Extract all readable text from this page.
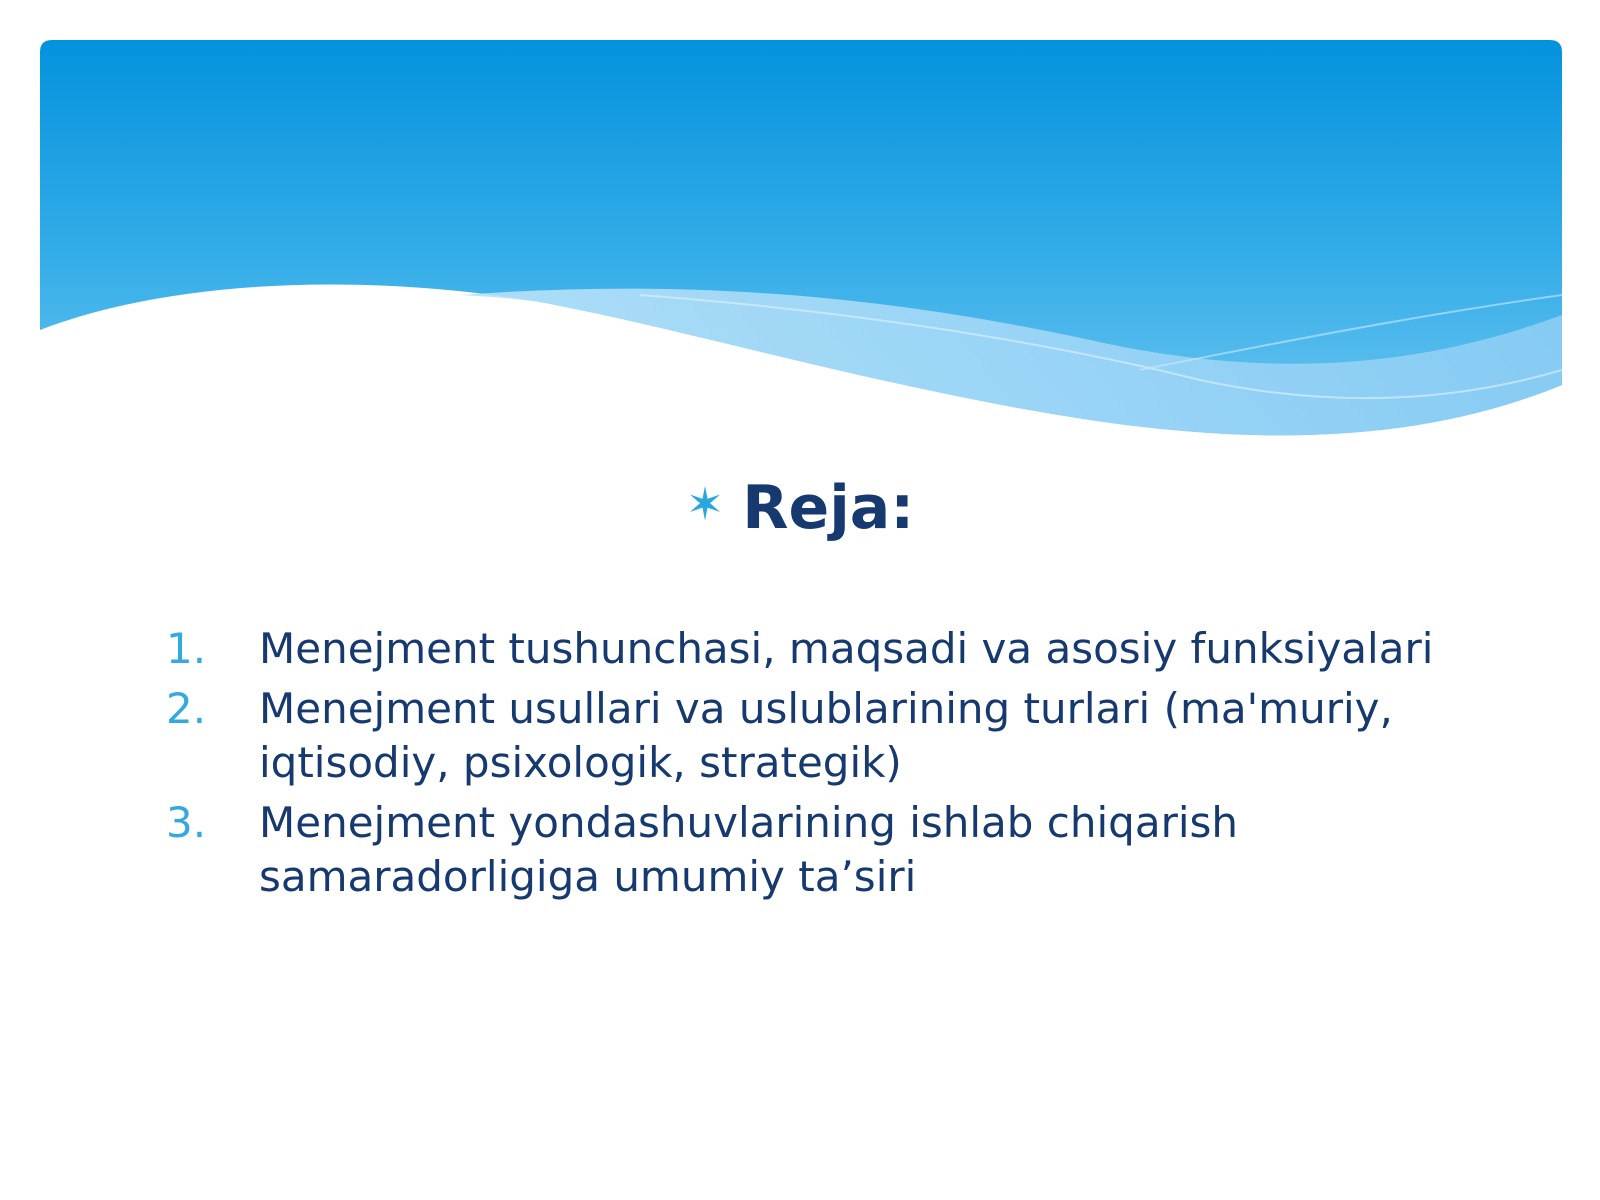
✶ Reja:
1.	Menejment tushunchasi, maqsadi va asosiy funksiyalari
2.	Menejment usullari va uslublarining turlari (ma'muriy, iqtisodiy, psixologik, strategik)
3.	Menejment yondashuvlarining ishlab chiqarish samaradorligiga umumiy ta’siri
